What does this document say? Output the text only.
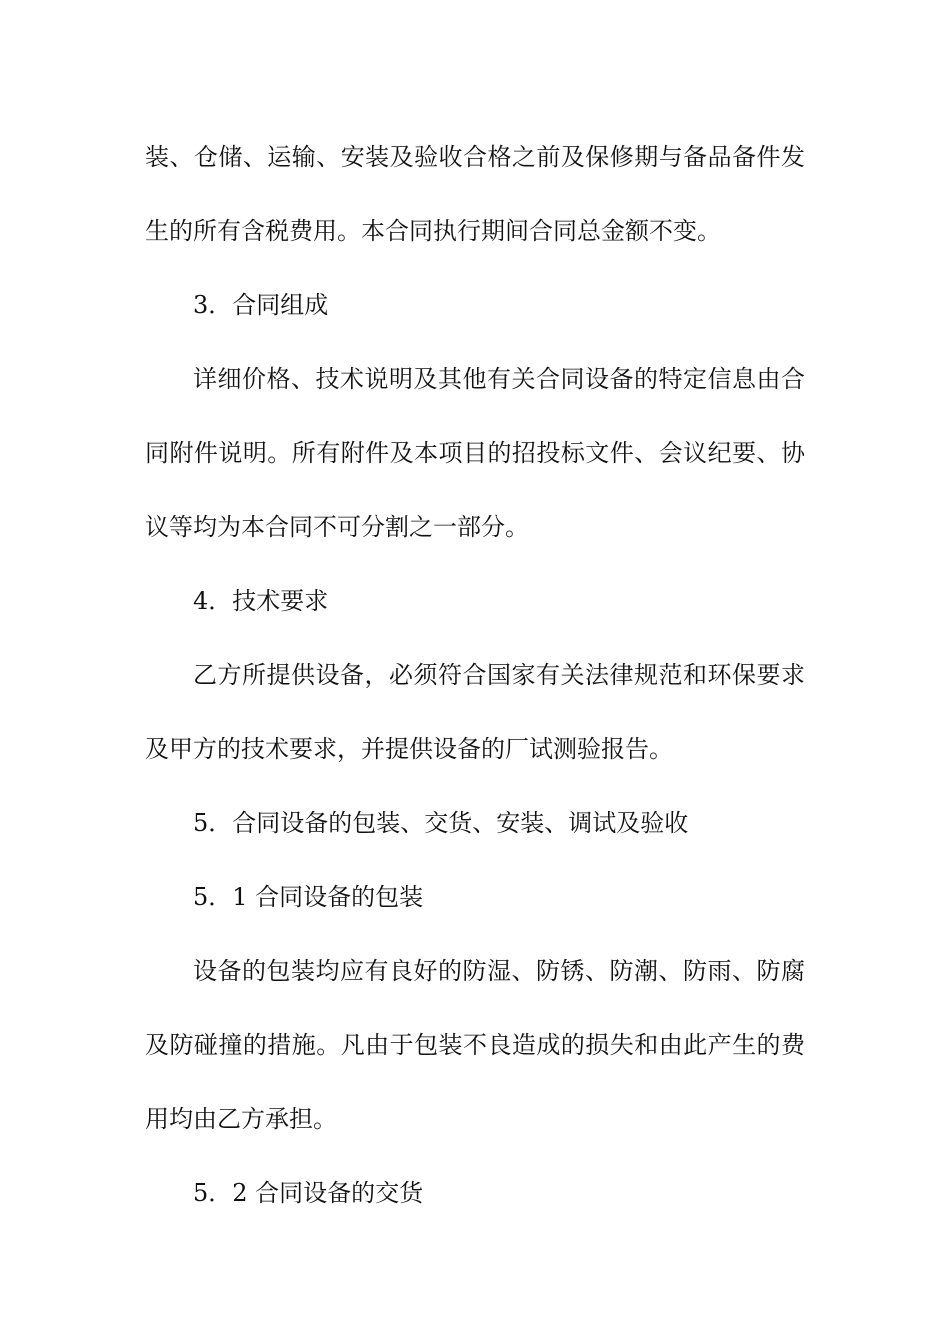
装、仓储、运输、安装及验收合格之前及保修期与备品备件发
生的所有含税费用。本合同执行期间合同总金额不变。
3．合同组成
详细价格、技术说明及其他有关合同设备的特定信息由合
同附件说明。所有附件及本项目的招投标文件、会议纪要、协
议等均为本合同不可分割之一部分。
4．技术要求
乙方所提供设备，必须符合国家有关法律规范和环保要求
及甲方的技术要求，并提供设备的厂试测验报告。
5．合同设备的包装、交货、安装、调试及验收
5．1 合同设备的包装
设备的包装均应有良好的防湿、防锈、防潮、防雨、防腐
及防碰撞的措施。凡由于包装不良造成的损失和由此产生的费
用均由乙方承担。
5．2 合同设备的交货
